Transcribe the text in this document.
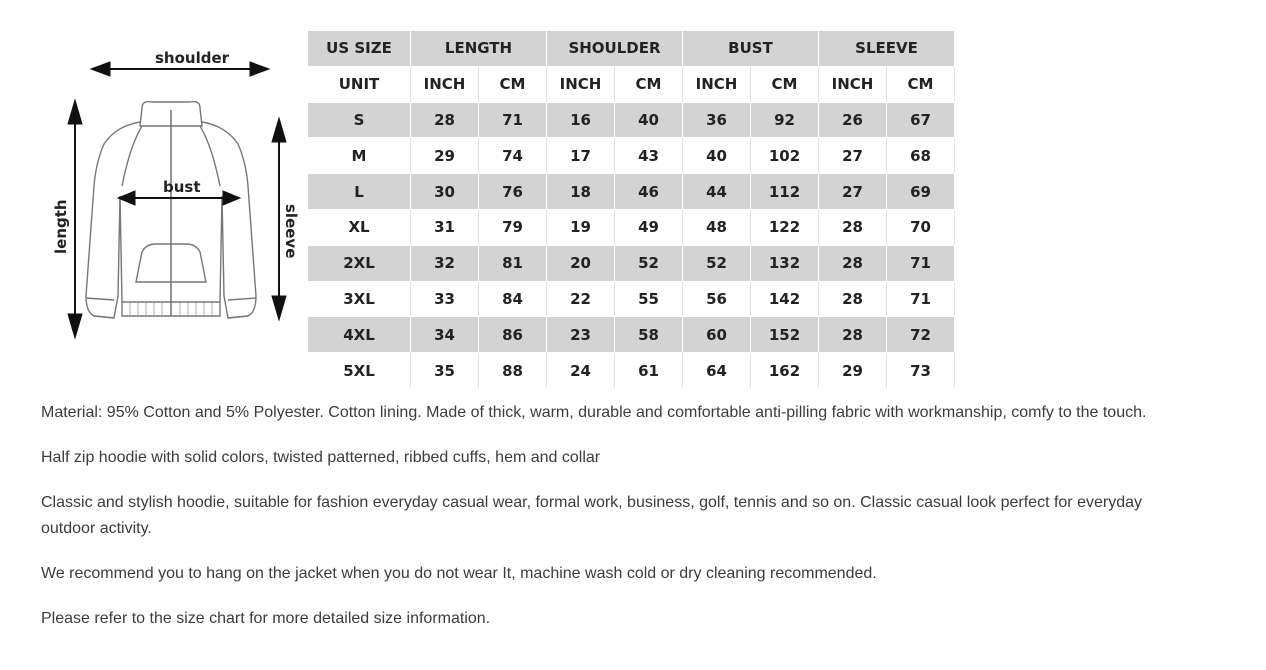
shoulder
bust
length	sleeve
US SIZE	LENGTH		SHOULDER		BUST		SLEEVE	
UNIT	INCH	CM	INCH	CM	INCH	CM	INCH	CM
S	28	71	16	40	36	92	26	67
M	29	74	17	43	40	102	27	68
L	30	76	18	46	44	112	27	69
XL	31	79	19	49	48	122	28	70
2XL	32	81	20	52	52	132	28	71
3XL	33	84	22	55	56	142	28	71
4XL	34	86	23	58	60	152	28	72
5XL	35	88	24	61	64	162	29	73

Material: 95% Cotton and 5% Polyester. Cotton lining. Made of thick, warm, durable and comfortable anti-pilling fabric with workmanship, comfy to the touch.

Half zip hoodie with solid colors, twisted patterned, ribbed cuffs, hem and collar

Classic and stylish hoodie, suitable for fashion everyday casual wear, formal work, business, golf, tennis and so on. Classic casual look perfect for everyday outdoor activity.

We recommend you to hang on the jacket when you do not wear It, machine wash cold or dry cleaning recommended.

Please refer to the size chart for more detailed size information.
